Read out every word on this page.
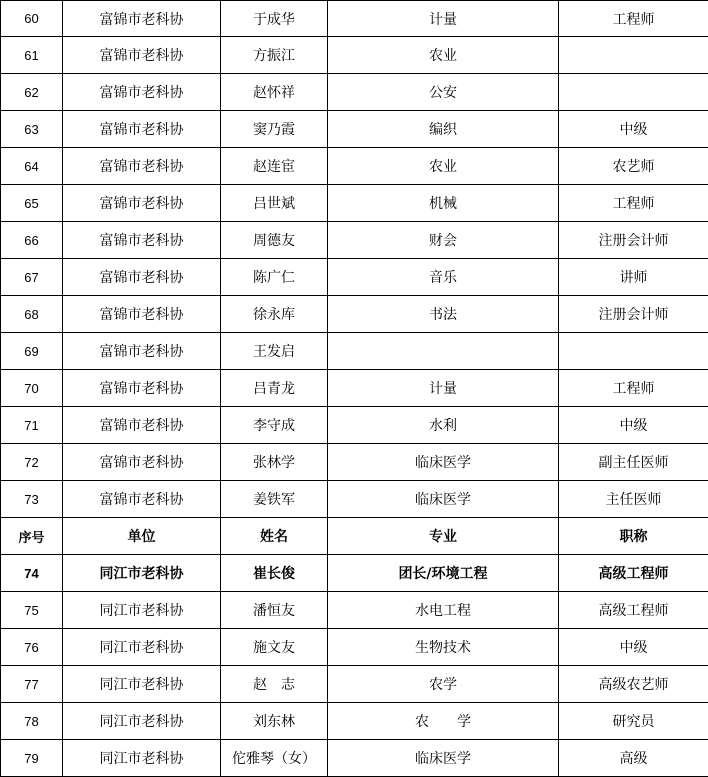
60	富锦市老科协	于成华	计量	工程师
61	富锦市老科协	方振江	农业	
62	富锦市老科协	赵怀祥	公安	
63	富锦市老科协	窦乃霞	编织	中级
64	富锦市老科协	赵连宦	农业	农艺师
65	富锦市老科协	吕世斌	机械	工程师
66	富锦市老科协	周德友	财会	注册会计师
67	富锦市老科协	陈广仁	音乐	讲师
68	富锦市老科协	徐永库	书法	注册会计师
69	富锦市老科协	王发启		
70	富锦市老科协	吕青龙	计量	工程师
71	富锦市老科协	李守成	水利	中级
72	富锦市老科协	张林学	临床医学	副主任医师
73	富锦市老科协	姜铁军	临床医学	主任医师
序号	单位	姓名	专业	职称
74	同江市老科协	崔长俊	团长/环境工程	高级工程师
75	同江市老科协	潘恒友	水电工程	高级工程师
76	同江市老科协	施文友	生物技术	中级
77	同江市老科协	赵　志	农学	高级农艺师
78	同江市老科协	刘东林	农　　学	研究员
79	同江市老科协	佗雅琴（女）	临床医学	高级
